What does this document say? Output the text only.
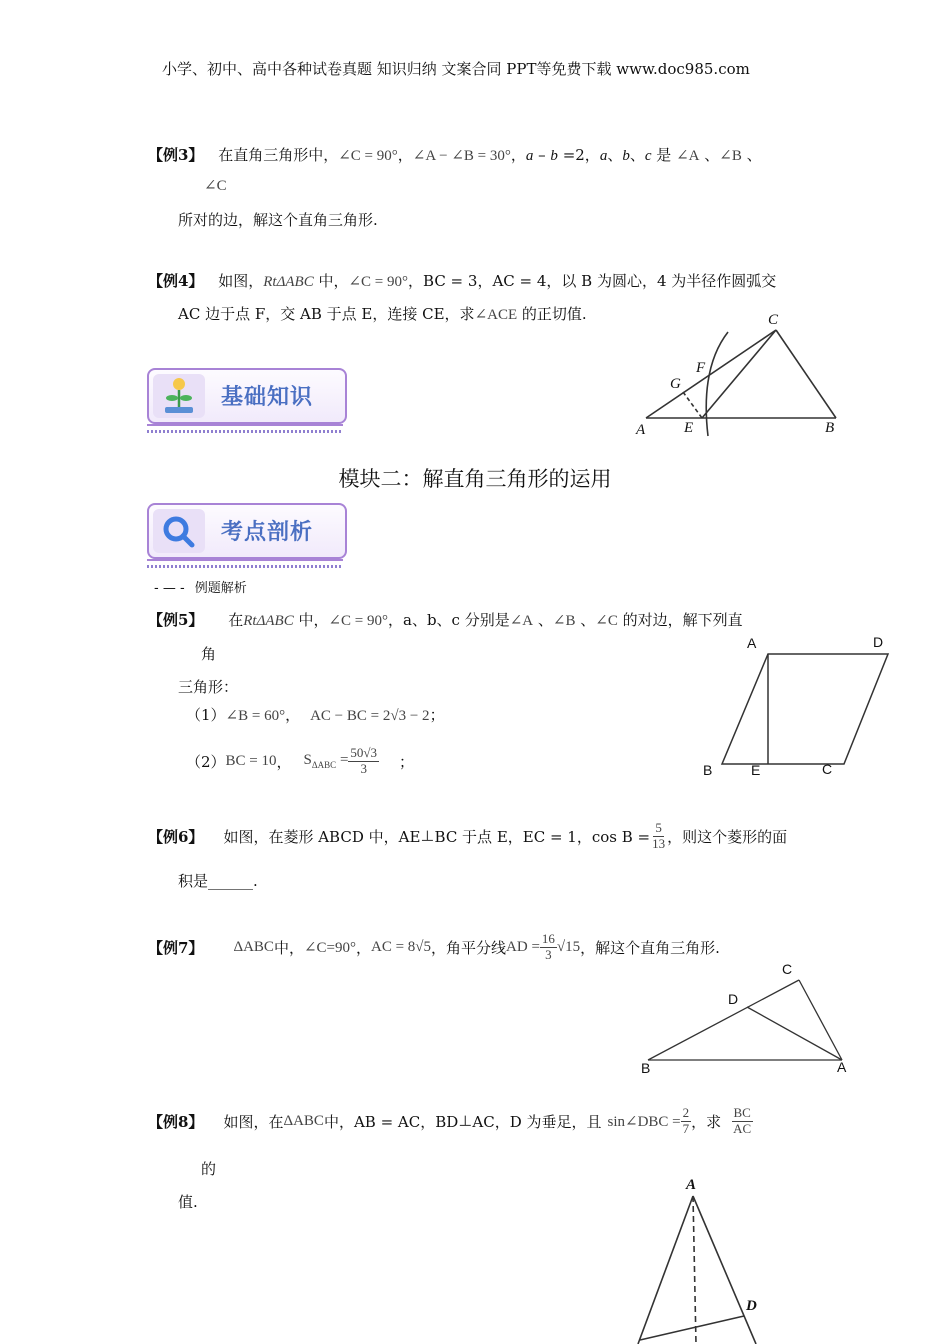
小学、初中、高中各种试卷真题 知识归纳 文案合同 PPT等免费下载 www.doc985.com
【例3】 在直角三角形中，∠C = 90°，∠A − ∠B = 30°，a – b =2，a、b、c 是 ∠A 、∠B 、
∠C
所对的边，解这个直角三角形.
【例4】 如图，RtΔABC 中，∠C = 90°，BC = 3，AC = 4，以 B 为圆心，4 为半径作圆弧交
AC 边于点 F，交 AB 于点 E，连接 CE，求∠ACE 的正切值.	C
F
G
A	E	B
基础知识
模块二：解直角三角形的运用
考点剖析
- — - 例题解析
【例5】 在RtΔABC 中，∠C = 90°，a、b、c 分别是∠A 、∠B 、∠C 的对边，解下列直
角
三角形：
（1）∠B = 60°， AC − BC = 2√3 − 2；
（2） BC = 10 ， $S_{\Delta ABC} = \frac{50√3}{3}$ ；
A	D
B	E	C
【例6】 如图，在菱形 ABCD 中，AE ⊥ BC 于点 E，EC = 1，$\cos B = \frac{5}{13}$ ，则这个菱形的面
积是______.
【例7】 ΔABC 中， ∠C=90° ， AC = 8√5 ，角平分线 AD = $\frac{16}{3} √15$ ，解这个直角三角形.
C
D
B	A
【例8】 如图，在 ΔABC 中，AB = AC，BD ⊥ AC，D 为垂足，且 sin∠DBC = $\frac{2}{7}$ ，求 $\frac{BC}{AC}$
的
值.
A
D
